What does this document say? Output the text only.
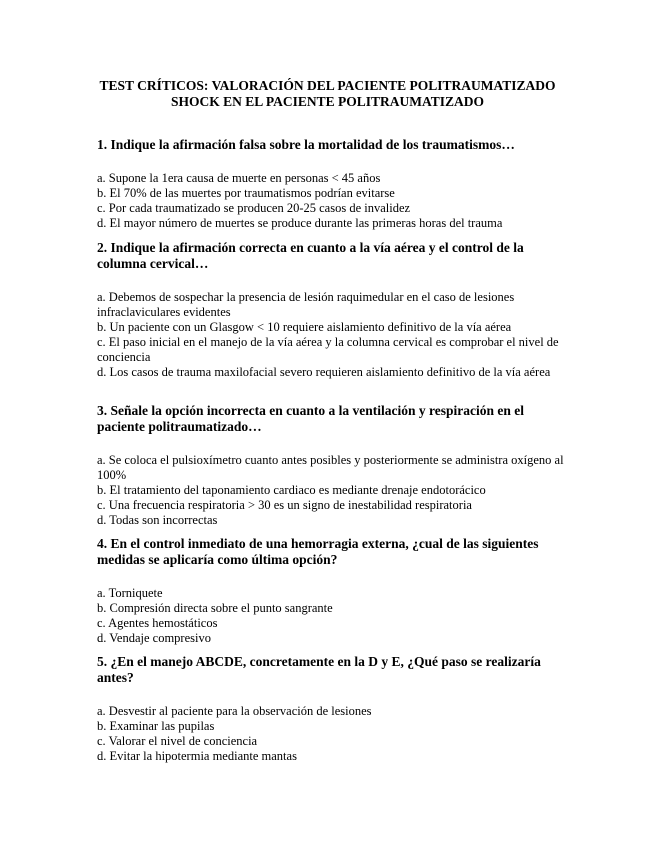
TEST CRÍTICOS: VALORACIÓN DEL PACIENTE POLITRAUMATIZADO
SHOCK EN EL PACIENTE POLITRAUMATIZADO

1. Indique la afirmación falsa sobre la mortalidad de los traumatismos…

a. Supone la 1era causa de muerte en personas < 45 años

b. El 70% de las muertes por traumatismos podrían evitarse

c. Por cada traumatizado se producen 20-25 casos de invalidez

d. El mayor número de muertes se produce durante las primeras horas del trauma

2. Indique la afirmación correcta en cuanto a la vía aérea y el control de la columna cervical…

a. Debemos de sospechar la presencia de lesión raquimedular en el caso de lesiones infraclaviculares evidentes

b. Un paciente con un Glasgow < 10 requiere aislamiento definitivo de la vía aérea

c. El paso inicial en el manejo de la vía aérea y la columna cervical es comprobar el nivel de conciencia

d. Los casos de trauma maxilofacial severo requieren aislamiento definitivo de la vía aérea

3. Señale la opción incorrecta en cuanto a la ventilación y respiración en el paciente politraumatizado…

a. Se coloca el pulsioxímetro cuanto antes posibles y posteriormente se administra oxígeno al 100%

b. El tratamiento del taponamiento cardiaco es mediante drenaje endotorácico

c. Una frecuencia respiratoria > 30 es un signo de inestabilidad respiratoria

d. Todas son incorrectas

4. En el control inmediato de una hemorragia externa, ¿cual de las siguientes medidas se aplicaría como última opción?

a. Torniquete

b. Compresión directa sobre el punto sangrante

c. Agentes hemostáticos

d. Vendaje compresivo

5. ¿En el manejo ABCDE, concretamente en la D y E, ¿Qué paso se realizaría antes?

a. Desvestir al paciente para la observación de lesiones

b. Examinar las pupilas

c. Valorar el nivel de conciencia

d. Evitar la hipotermia mediante mantas
